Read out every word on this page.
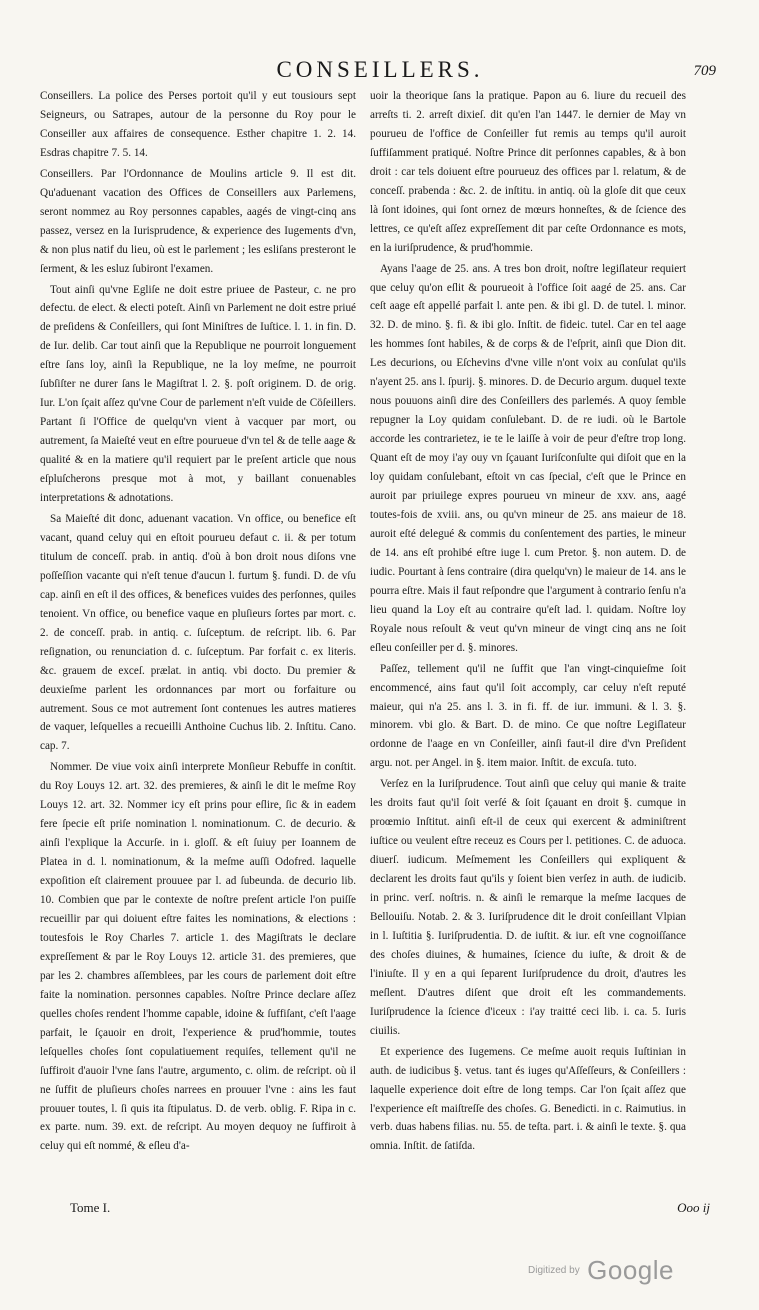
CONSEILLERS.	709

Conseillers. La police des Perses portoit qu'il y eut tousiours sept Seigneurs, ou Satrapes, autour de la personne du Roy pour le Conseiller aux affaires de consequence. Esther chapitre 1. 2. 14. Esdras chapitre 7. 5. 14.

Conseillers. Par l'Ordonnance de Moulins article 9. Il est dit. Qu'aduenant vacation des Offices de Conseillers aux Parlemens, seront nommez au Roy personnes capables, aagés de vingt-cinq ans passez, versez en la Iurisprudence, & experience des Iugements d'vn, & non plus natif du lieu, où est le parlement ; les esliſans presteront le ſerment, & les esluz ſubiront l'examen.

Tout ainſi qu'vne Egliſe ne doit estre priuee de Pasteur, c. ne pro defectu. de elect. & electi poteſt. Ainſi vn Parlement ne doit estre priué de preſidens & Conſeillers, qui ſont Miniſtres de Iuſtice. l. 1. in fin. D. de Iur. delib. Car tout ainſi que la Republique ne pourroit longuement eſtre ſans loy, ainſi la Republique, ne la loy meſme, ne pourroit ſubſiſter ne durer ſans le Magiſtrat l. 2. §. poſt originem. D. de orig. Iur. L'on ſçait aſſez qu'vne Cour de parlement n'eſt vuide de Cöſeillers. Partant ſi l'Office de quelqu'vn vient à vacquer par mort, ou autrement, ſa Maieſté veut en eſtre pourueue d'vn tel & de telle aage & qualité & en la matiere qu'il requiert par le preſent article que nous eſpluſcherons presque mot à mot, y baillant conuenables interpretations & adnotations.

Sa Maieſté dit donc, aduenant vacation. Vn office, ou benefice eſt vacant, quand celuy qui en eſtoit pourueu defaut c. ii. & per totum titulum de conceſſ. prab. in antiq. d'où à bon droit nous diſons vne poſſeſſion vacante qui n'eſt tenue d'aucun l. furtum §. fundi. D. de vſu cap. ainſi en eſt il des offices, & benefices vuides des perſonnes, quiles tenoient. Vn office, ou benefice vaque en pluſieurs ſortes par mort. c. 2. de conceſſ. prab. in antiq. c. ſuſceptum. de reſcript. lib. 6. Par reſignation, ou renunciation d. c. ſuſceptum. Par forfait c. ex literis. &c. grauem de exceſ. prælat. in antiq. vbi docto. Du premier & deuxieſme parlent les ordonnances par mort ou forfaiture ou autrement. Sous ce mot autrement ſont contenues les autres matieres de vaquer, leſquelles a recueilli Anthoine Cuchus lib. 2. Inſtitu. Cano. cap. 7.

Nommer. De viue voix ainſi interprete Monſieur Rebuffe in conſtit. du Roy Louys 12. art. 32. des premieres, & ainſi le dit le meſme Roy Louys 12. art. 32. Nommer icy eſt prins pour eſlire, ſic & in eadem fere ſpecie eſt priſe nomination l. nominationum. C. de decurio. & ainſi l'explique la Accurſe. in i. gloſſ. & eſt ſuiuy per Ioannem de Platea in d. l. nominationum, & la meſme auſſi Odofred. laquelle expoſition eſt clairement prouuee par l. ad ſubeunda. de decurio lib. 10. Combien que par le contexte de noſtre preſent article l'on puiſſe recueillir par qui doiuent eſtre faites les nominations, & elections : toutesfois le Roy Charles 7. article 1. des Magiſtrats le declare expreſſement & par le Roy Louys 12. article 31. des premieres, que par les 2. chambres aſſemblees, par les cours de parlement doit eſtre faite la nomination. personnes capables. Noſtre Prince declare aſſez quelles choſes rendent l'homme capable, idoine & ſuffiſant, c'eſt l'aage parfait, le ſçauoir en droit, l'experience & prud'hommie, toutes leſquelles choſes ſont copulatiuement requiſes, tellement qu'il ne ſuffiroit d'auoir l'vne ſans l'autre, argumento, c. olim. de reſcript. où il ne ſuffit de pluſieurs choſes narrees en prouuer l'vne : ains les faut prouuer toutes, l. ſi quis ita ſtipulatus. D. de verb. oblig. F. Ripa in c. ex parte. num. 39. ext. de reſcript. Au moyen dequoy ne ſuffiroit à celuy qui eſt nommé, & eſleu d'a-

uoir la theorique ſans la pratique. Papon au 6. liure du recueil des arreſts ti. 2. arreſt dixieſ. dit qu'en l'an 1447. le dernier de May vn pourueu de l'office de Conſeiller fut remis au temps qu'il auroit ſuffiſamment pratiqué. Noſtre Prince dit perſonnes capables, & à bon droit : car tels doiuent eſtre pourueuz des offices par l. relatum, & de conceſſ. prabenda : &c. 2. de inſtitu. in antiq. où la gloſe dit que ceux là ſont idoines, qui ſont ornez de mœurs honneſtes, & de ſcience des lettres, ce qu'eſt aſſez expreſſement dit par ceſte Ordonnance es mots, en la iuriſprudence, & prud'hommie.

Ayans l'aage de 25. ans. A tres bon droit, noſtre legiſlateur requiert que celuy qu'on eſlit & pourueoit à l'office ſoit aagé de 25. ans. Car ceſt aage eſt appellé parfait l. ante pen. & ibi gl. D. de tutel. l. minor. 32. D. de mino. §. fi. & ibi glo. Inſtit. de fideic. tutel. Car en tel aage les hommes ſont habiles, & de corps & de l'eſprit, ainſi que Dion dit. Les decurions, ou Eſchevins d'vne ville n'ont voix au conſulat qu'ils n'ayent 25. ans l. ſpurij. §. minores. D. de Decurio argum. duquel texte nous pouuons ainſi dire des Conſeillers des parlemés. A quoy ſemble repugner la Loy quidam conſulebant. D. de re iudi. où le Bartole accorde les contrarietez, ie te le laiſſe à voir de peur d'eſtre trop long. Quant eſt de moy i'ay ouy vn ſçauant Iuriſconſulte qui diſoit que en la loy quidam conſulebant, eſtoit vn cas ſpecial, c'eſt que le Prince en auroit par priuilege expres pourueu vn mineur de xxv. ans, aagé toutes-fois de xviii. ans, ou qu'vn mineur de 25. ans maieur de 18. auroit eſté delegué & commis du conſentement des parties, le mineur de 14. ans eſt prohibé eſtre iuge l. cum Pretor. §. non autem. D. de iudic. Pourtant à ſens contraire (dira quelqu'vn) le maieur de 14. ans le pourra eſtre. Mais il faut reſpondre que l'argument à contrario ſenſu n'a lieu quand la Loy eſt au contraire qu'eſt lad. l. quidam. Noſtre loy Royale nous reſoult & veut qu'vn mineur de vingt cinq ans ne ſoit eſleu conſeiller per d. §. minores.

Paſſez, tellement qu'il ne ſuffit que l'an vingt-cinquieſme ſoit encommencé, ains faut qu'il ſoit accomply, car celuy n'eſt reputé maieur, qui n'a 25. ans l. 3. in fi. ff. de iur. immuni. & l. 3. §. minorem. vbi glo. & Bart. D. de mino. Ce que noſtre Legiſlateur ordonne de l'aage en vn Conſeiller, ainſi faut-il dire d'vn Preſident argu. not. per Angel. in §. item maior. Inſtit. de excuſa. tuto.

Verſez en la Iuriſprudence. Tout ainſi que celuy qui manie & traite les droits faut qu'il ſoit verſé & ſoit ſçauant en droit §. cumque in proœmio Inſtitut. ainſi eſt-il de ceux qui exercent & adminiſtrent iuſtice ou veulent eſtre receuz es Cours per l. petitiones. C. de aduoca. diuerſ. iudicum. Meſmement les Conſeillers qui expliquent & declarent les droits faut qu'ils y ſoient bien verſez in auth. de iudicib. in princ. verſ. noſtris. n. & ainſi le remarque la meſme Iacques de Bellouiſu. Notab. 2. & 3. Iuriſprudence dit le droit conſeillant Vlpian in l. Iuſtitia §. Iuriſprudentia. D. de iuſtit. & iur. eſt vne cognoiſſance des choſes diuines, & humaines, ſcience du iuſte, & droit & de l'iniuſte. Il y en a qui ſeparent Iuriſprudence du droit, d'autres les meſlent. D'autres diſent que droit eſt les commandements. Iuriſprudence la ſcience d'iceux : i'ay traitté ceci lib. i. ca. 5. Iuris ciuilis.

Et experience des Iugemens. Ce meſme auoit requis Iuſtinian in auth. de iudicibus §. vetus. tant és iuges qu'Aſſeſſeurs, & Conſeillers : laquelle experience doit eſtre de long temps. Car l'on ſçait aſſez que l'experience eſt maiſtreſſe des choſes. G. Benedicti. in c. Raimutius. in verb. duas habens filias. nu. 55. de teſta. part. i. & ainſi le texte. §. qua omnia. Inſtit. de ſatiſda.

Tome I.	Ooo ij
Digitized by Google
